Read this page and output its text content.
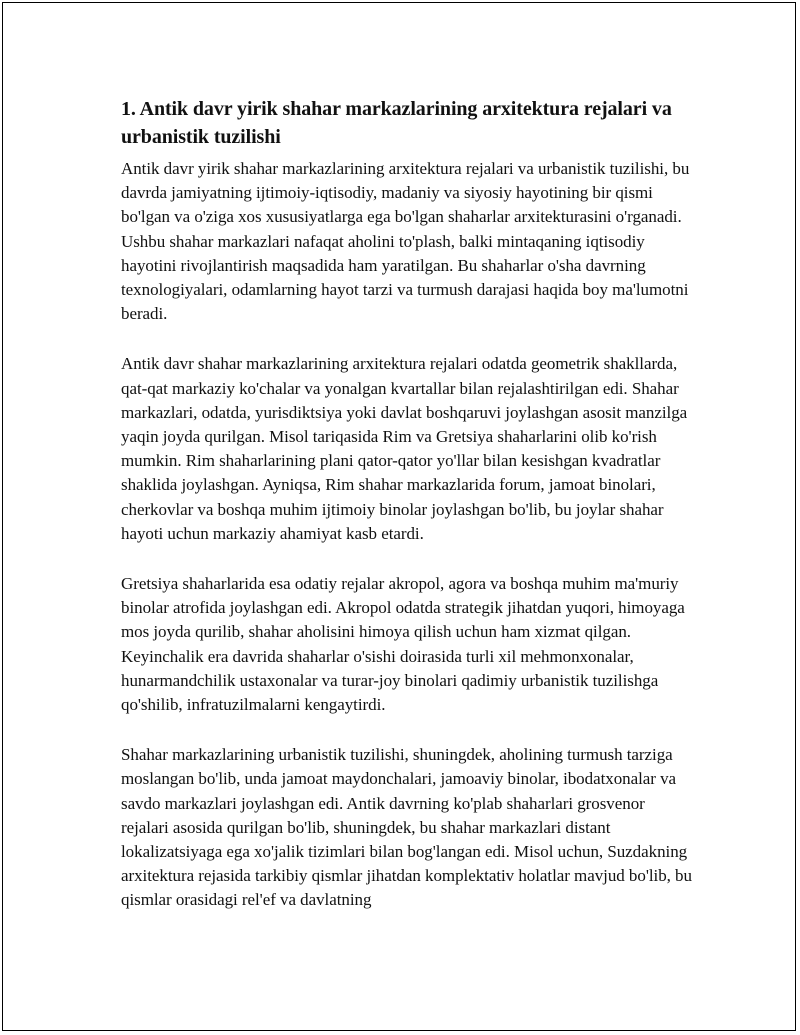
1. Antik davr yirik shahar markazlarining arxitektura rejalari va urbanistik tuzilishi

Antik davr yirik shahar markazlarining arxitektura rejalari va urbanistik tuzilishi, bu davrda jamiyatning ijtimoiy-iqtisodiy, madaniy va siyosiy hayotining bir qismi bo'lgan va o'ziga xos xususiyatlarga ega bo'lgan shaharlar arxitekturasini o'rganadi. Ushbu shahar markazlari nafaqat aholini to'plash, balki mintaqaning iqtisodiy hayotini rivojlantirish maqsadida ham yaratilgan. Bu shaharlar o'sha davrning texnologiyalari, odamlarning hayot tarzi va turmush darajasi haqida boy ma'lumotni beradi.

Antik davr shahar markazlarining arxitektura rejalari odatda geometrik shakllarda, qat-qat markaziy ko'chalar va yonalgan kvartallar bilan rejalashtirilgan edi. Shahar markazlari, odatda, yurisdiktsiya yoki davlat boshqaruvi joylashgan asosit manzilga yaqin joyda qurilgan. Misol tariqasida Rim va Gretsiya shaharlarini olib ko'rish mumkin. Rim shaharlarining plani qator-qator yo'llar bilan kesishgan kvadratlar shaklida joylashgan. Ayniqsa, Rim shahar markazlarida forum, jamoat binolari, cherkovlar va boshqa muhim ijtimoiy binolar joylashgan bo'lib, bu joylar shahar hayoti uchun markaziy ahamiyat kasb etardi.

Gretsiya shaharlarida esa odatiy rejalar akropol, agora va boshqa muhim ma'muriy binolar atrofida joylashgan edi. Akropol odatda strategik jihatdan yuqori, himoyaga mos joyda qurilib, shahar aholisini himoya qilish uchun ham xizmat qilgan. Keyinchalik era davrida shaharlar o'sishi doirasida turli xil mehmonxonalar, hunarmandchilik ustaxonalar va turar-joy binolari qadimiy urbanistik tuzilishga qo'shilib, infratuzilmalarni kengaytirdi.

Shahar markazlarining urbanistik tuzilishi, shuningdek, aholining turmush tarziga moslangan bo'lib, unda jamoat maydonchalari, jamoaviy binolar, ibodatxonalar va savdo markazlari joylashgan edi. Antik davrning ko'plab shaharlari grosvenor rejalari asosida qurilgan bo'lib, shuningdek, bu shahar markazlari distant lokalizatsiyaga ega xo'jalik tizimlari bilan bog'langan edi. Misol uchun, Suzdakning arxitektura rejasida tarkibiy qismlar jihatdan komplektativ holatlar mavjud bo'lib, bu qismlar orasidagi rel'ef va davlatning
